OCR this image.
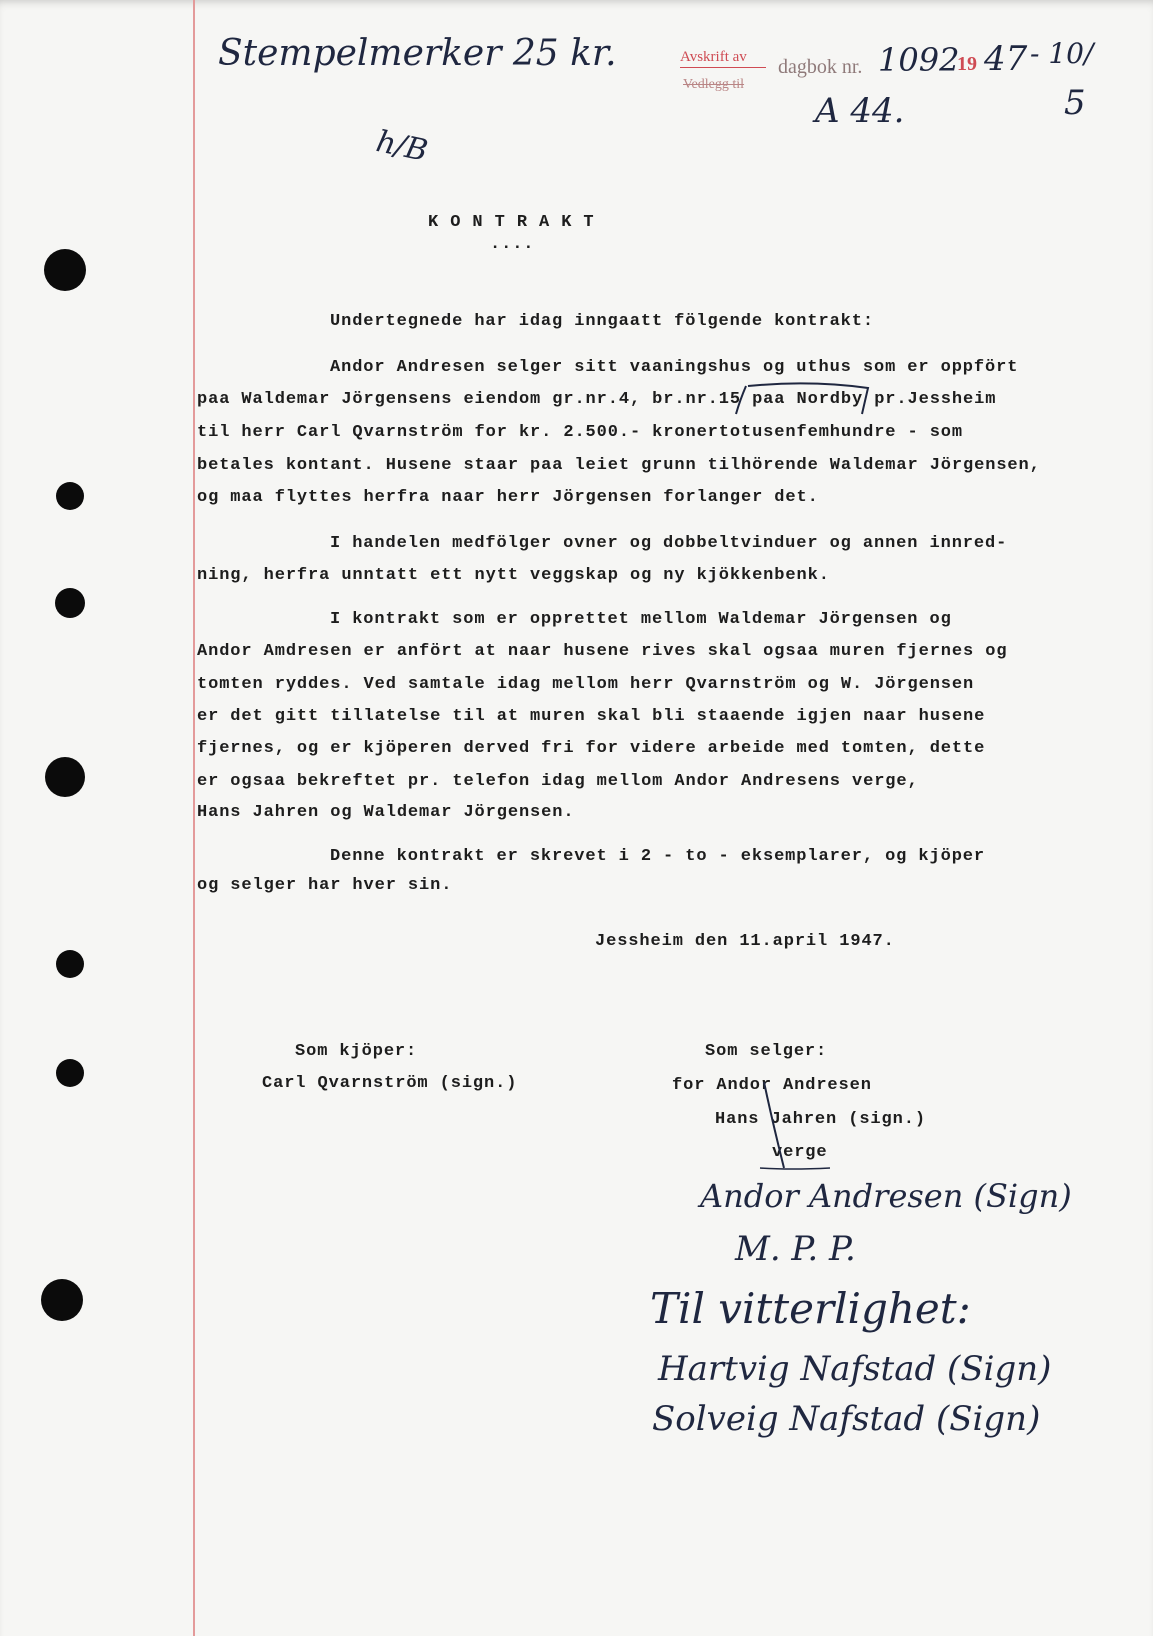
Stempelmerker 25 kr.	Avskrift av
Vedlegg til
dagbok nr. 1092
19 47 - 10/
5
A 44.
h/B
K O N T R A K T
....
Undertegnede har idag inngaatt fölgende kontrakt:
Andor Andresen selger sitt vaaningshus og uthus som er oppfört
paa Waldemar Jörgensens eiendom gr.nr.4, br.nr.15 paa Nordby pr.Jessheim
til herr Carl Qvarnström for kr. 2.500.- kronertotusenfemhundre - som
betales kontant. Husene staar paa leiet grunn tilhörende Waldemar Jörgensen,
og maa flyttes herfra naar herr Jörgensen forlanger det.
I handelen medfölger ovner og dobbeltvinduer og annen innred-
ning, herfra unntatt ett nytt veggskap og ny kjökkenbenk.
I kontrakt som er opprettet mellom Waldemar Jörgensen og
Andor Amdresen er anfört at naar husene rives skal ogsaa muren fjernes og
tomten ryddes. Ved samtale idag mellom herr Qvarnström og W. Jörgensen
er det gitt tillatelse til at muren skal bli staaende igjen naar husene
fjernes, og er kjöperen derved fri for videre arbeide med tomten, dette
er ogsaa bekreftet pr. telefon idag mellom Andor Andresens verge,
Hans Jahren og Waldemar Jörgensen.
Denne kontrakt er skrevet i 2 - to - eksemplarer, og kjöper
og selger har hver sin.
Jessheim den 11.april 1947.
Som kjöper:
Carl Qvarnström (sign.)
Som selger:
for Andor Andresen
Hans Jahren (sign.)
verge
Andor Andresen (Sign)
M. P. P.
Til vitterlighet:
Hartvig Nafstad (Sign)
Solveig Nafstad (Sign)
